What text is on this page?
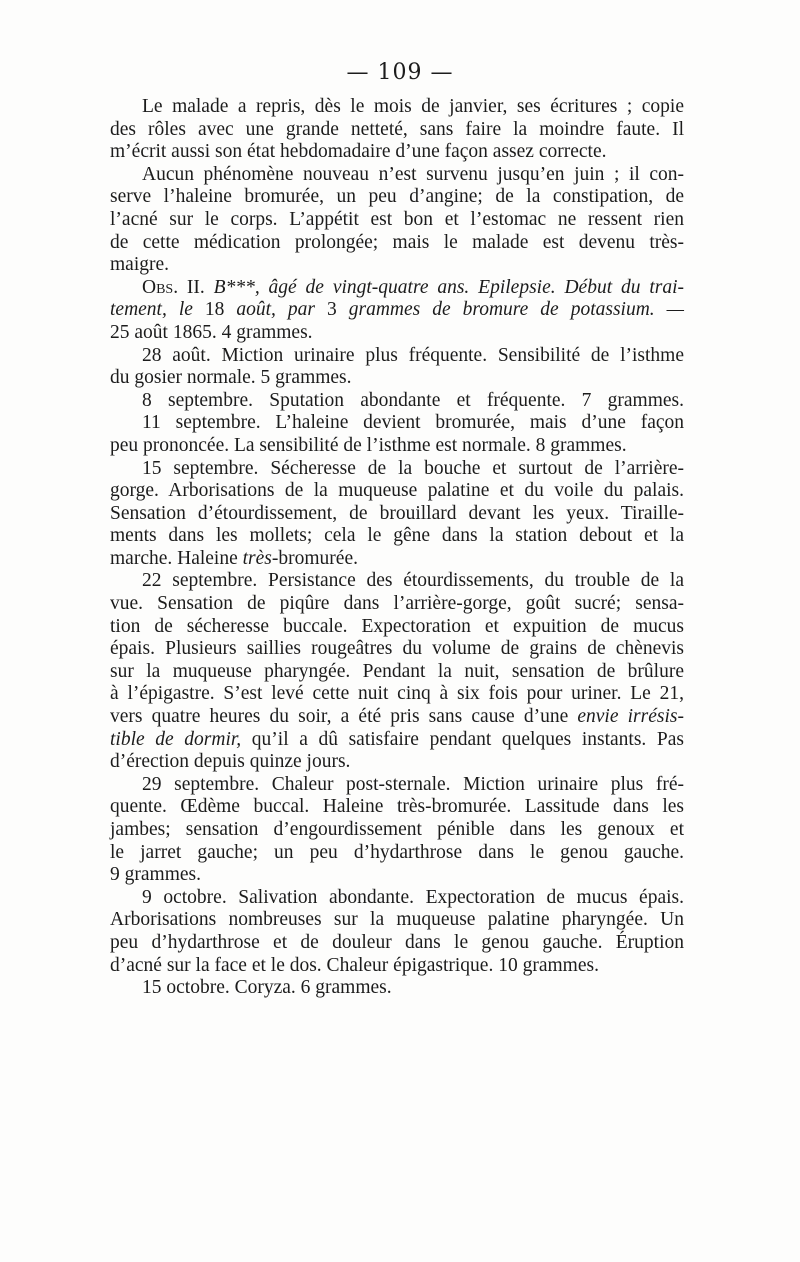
— 109 —
Le malade a repris, dès le mois de janvier, ses écritures ; copie
des rôles avec une grande netteté, sans faire la moindre faute. Il
m’écrit aussi son état hebdomadaire d’une façon assez correcte.
Aucun phénomène nouveau n’est survenu jusqu’en juin ; il con-
serve l’haleine bromurée, un peu d’angine; de la constipation, de
l’acné sur le corps. L’appétit est bon et l’estomac ne ressent rien
de cette médication prolongée; mais le malade est devenu très-
maigre.
Obs. II. B***, âgé de vingt-quatre ans. Epilepsie. Début du trai-
tement, le 18 août, par 3 grammes de bromure de potassium. —
25 août 1865. 4 grammes.
28 août. Miction urinaire plus fréquente. Sensibilité de l’isthme
du gosier normale. 5 grammes.
8 septembre. Sputation abondante et fréquente. 7 grammes.
11 septembre. L’haleine devient bromurée, mais d’une façon
peu prononcée. La sensibilité de l’isthme est normale. 8 grammes.
15 septembre. Sécheresse de la bouche et surtout de l’arrière-
gorge. Arborisations de la muqueuse palatine et du voile du palais.
Sensation d’étourdissement, de brouillard devant les yeux. Tiraille-
ments dans les mollets; cela le gêne dans la station debout et la
marche. Haleine très-bromurée.
22 septembre. Persistance des étourdissements, du trouble de la
vue. Sensation de piqûre dans l’arrière-gorge, goût sucré; sensa-
tion de sécheresse buccale. Expectoration et expuition de mucus
épais. Plusieurs saillies rougeâtres du volume de grains de chènevis
sur la muqueuse pharyngée. Pendant la nuit, sensation de brûlure
à l’épigastre. S’est levé cette nuit cinq à six fois pour uriner. Le 21,
vers quatre heures du soir, a été pris sans cause d’une envie irrésis-
tible de dormir, qu’il a dû satisfaire pendant quelques instants. Pas
d’érection depuis quinze jours.
29 septembre. Chaleur post-sternale. Miction urinaire plus fré-
quente. Œdème buccal. Haleine très-bromurée. Lassitude dans les
jambes; sensation d’engourdissement pénible dans les genoux et
le jarret gauche; un peu d’hydarthrose dans le genou gauche.
9 grammes.
9 octobre. Salivation abondante. Expectoration de mucus épais.
Arborisations nombreuses sur la muqueuse palatine pharyngée. Un
peu d’hydarthrose et de douleur dans le genou gauche. Éruption
d’acné sur la face et le dos. Chaleur épigastrique. 10 grammes.
15 octobre. Coryza. 6 grammes.
